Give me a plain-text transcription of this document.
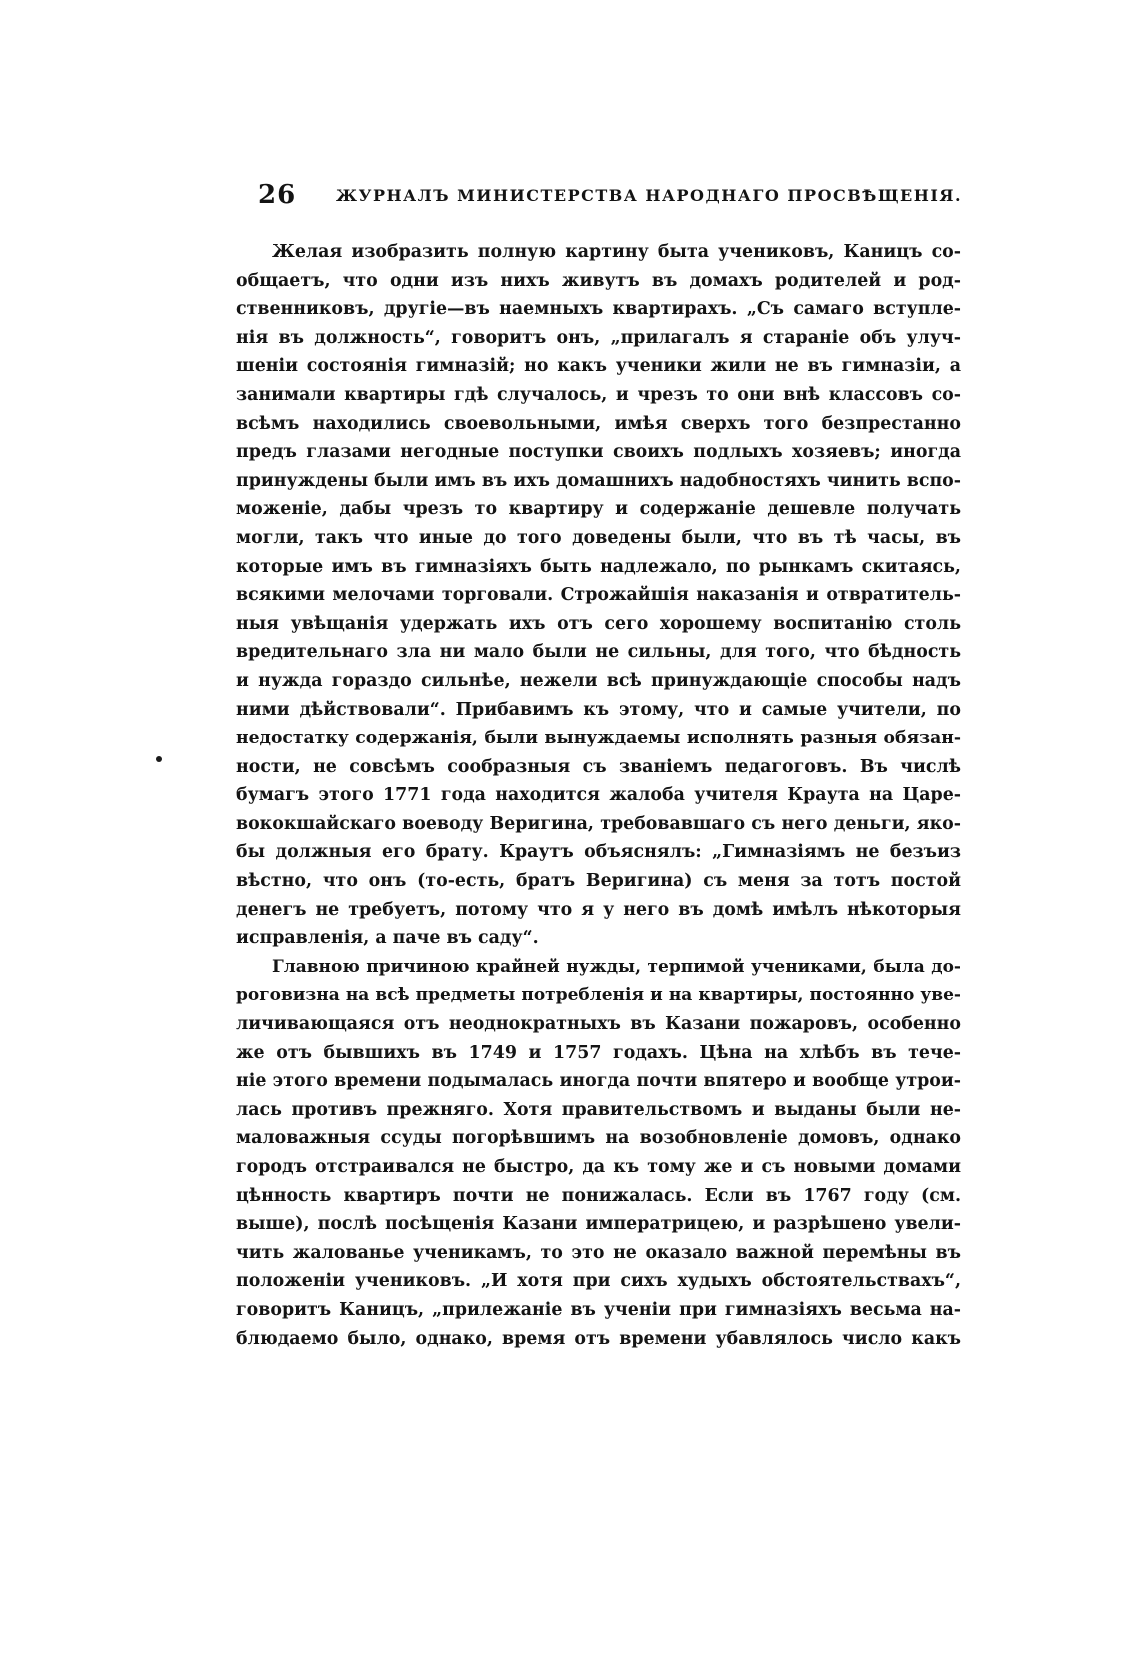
26 ЖУРНАЛЪ МИНИСТЕРСТВА НАРОДНАГО ПРОСВѢЩЕНІЯ.
Желая изобразить полную картину быта учениковъ, Каницъ со-
общаетъ, что одни изъ нихъ живутъ въ домахъ родителей и род-
ственниковъ, другіе—въ наемныхъ квартирахъ. „Съ самаго вступле-
нія въ должность“, говоритъ онъ, „прилагалъ я стараніе объ улуч-
шеніи состоянія гимназій; но какъ ученики жили не въ гимназіи, а
занимали квартиры гдѣ случалось, и чрезъ то они внѣ классовъ со-
всѣмъ находились своевольными, имѣя сверхъ того безпрестанно
предъ глазами негодные поступки своихъ подлыхъ хозяевъ; иногда
принуждены были имъ въ ихъ домашнихъ надобностяхъ чинить вспо-
моженіе, дабы чрезъ то квартиру и содержаніе дешевле получать
могли, такъ что иные до того доведены были, что въ тѣ часы, въ
которые имъ въ гимназіяхъ быть надлежало, по рынкамъ скитаясь,
всякими мелочами торговали. Строжайшія наказанія и отвратитель-
ныя увѣщанія удержать ихъ отъ сего хорошему воспитанію столь
вредительнаго зла ни мало были не сильны, для того, что бѣдность
и нужда гораздо сильнѣе, нежели всѣ принуждающіе способы надъ
ними дѣйствовали“. Прибавимъ къ этому, что и самые учители, по
недостатку содержанія, были вынуждаемы исполнять разныя обязан-
ности, не совсѣмъ сообразныя съ званіемъ педагоговъ. Въ числѣ
бумагъ этого 1771 года находится жалоба учителя Краута на Царе-
вококшайскаго воеводу Веригина, требовавшаго съ него деньги, яко-
бы должныя его брату. Краутъ объяснялъ: „Гимназіямъ не безъиз
вѣстно, что онъ (то-есть, братъ Веригина) съ меня за тотъ постой
денегъ не требуетъ, потому что я у него въ домѣ имѣлъ нѣкоторыя
исправленія, а паче въ саду“.
Главною причиною крайней нужды, терпимой учениками, была до-
роговизна на всѣ предметы потребленія и на квартиры, постоянно уве-
личивающаяся отъ неоднократныхъ въ Казани пожаровъ, особенно
же отъ бывшихъ въ 1749 и 1757 годахъ. Цѣна на хлѣбъ въ тече-
ніе этого времени подымалась иногда почти впятеро и вообще утрои-
лась противъ прежняго. Хотя правительствомъ и выданы были не-
маловажныя ссуды погорѣвшимъ на возобновленіе домовъ, однако
городъ отстраивался не быстро, да къ тому же и съ новыми домами
цѣнность квартиръ почти не понижалась. Если въ 1767 году (см.
выше), послѣ посѣщенія Казани императрицею, и разрѣшено увели-
чить жалованье ученикамъ, то это не оказало важной перемѣны въ
положеніи учениковъ. „И хотя при сихъ худыхъ обстоятельствахъ“,
говоритъ Каницъ, „прилежаніе въ ученіи при гимназіяхъ весьма на-
блюдаемо было, однако, время отъ времени убавлялось число какъ
